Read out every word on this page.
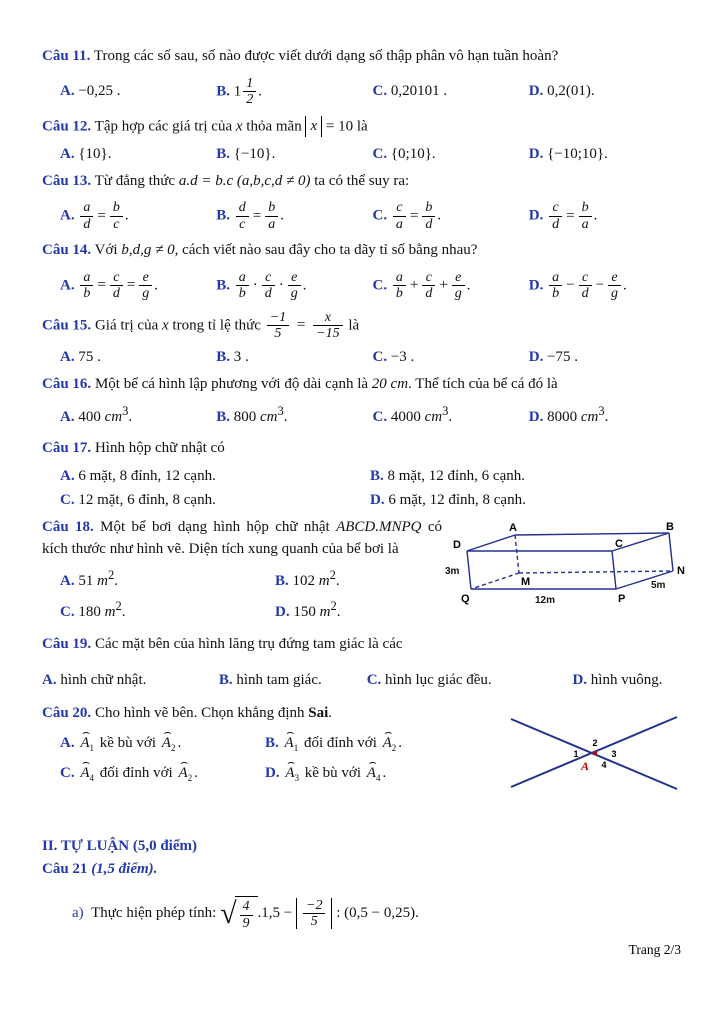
Câu 11. Trong các số sau, số nào được viết dưới dạng số thập phân vô hạn tuần hoàn?

A. −0,25 .	B. $1 \frac{1}{2}$ .	C. 0,20101 .	D. 0,2(01).

Câu 12. Tập hợp các giá trị của x thỏa mãn x = 10 là

A. {10}.	B. {−10}.	C. {0;10}.	D. {−10;10}.

Câu 13. Từ đẳng thức a.d = b.c (a,b,c,d ≠ 0) ta có thể suy ra:

A. $\frac{a}{d} = \frac{b}{c}$ .	B. $\frac{d}{c} = \frac{b}{a}$ .	C. $\frac{c}{a} = \frac{b}{d}$ .	D. $\frac{c}{d} = \frac{b}{a}$ .

Câu 14. Với b,d,g ≠ 0, cách viết nào sau đây cho ta dãy tỉ số bằng nhau?

A. $\frac{a}{b} = \frac{c}{d} = \frac{e}{g}$ .	B. $\frac{a}{b} \cdot \frac{c}{d} \cdot \frac{e}{g}$ .	C. $\frac{a}{b} + \frac{c}{d} + \frac{e}{g}$ .	D. $\frac{a}{b} - \frac{c}{d} - \frac{e}{g}$ .

Câu 15. Giá trị của x trong tỉ lệ thức $\frac{-1}{5} = \frac{x}{-15}$ là

A. 75 .	B. 3 .	C. −3 .	D. −75 .

Câu 16. Một bể cá hình lập phương với độ dài cạnh là 20 cm. Thể tích của bể cá đó là

A. 400 $cm^3$.	B. 800 $cm^3$.	C. 4000 $cm^3$.	D. 8000 $cm^3$.

Câu 17. Hình hộp chữ nhật có

A. 6 mặt, 8 đỉnh, 12 cạnh.	B. 8 mặt, 12 đỉnh, 6 cạnh.
C. 12 mặt, 6 đỉnh, 8 cạnh.	D. 6 mặt, 12 đỉnh, 8 cạnh.

Câu 18. Một bể bơi dạng hình hộp chữ nhật ABCD.MNPQ có kích thước như hình vẽ. Diện tích xung quanh của bể bơi là

A. 51 $m^2$.	B. 102 $m^2$.
C. 180 $m^2$.	D. 150 $m^2$.
A	B
C
D
M
N
P
Q
3m
12m
5m

Câu 19. Các mặt bên của hình lăng trụ đứng tam giác là các

A. hình chữ nhật.	B. hình tam giác.	C. hình lục giác đều.	D. hình vuông.

Câu 20. Cho hình vẽ bên. Chọn khẳng định Sai.

A. ⌢ $A_1$ kề bù với ⌢ $A_2$ .	B. ⌢ $A_1$ đối đỉnh với ⌢ $A_2$ .
C. ⌢ $A_4$ đối đỉnh với ⌢ $A_2$ .	D. ⌢ $A_3$ kề bù với ⌢ $A_4$ .
2
1	3
4
A

II. TỰ LUẬN (5,0 điểm)

Câu 21 (1,5 điểm).

a) Thực hiện phép tính: √ $\frac{4}{9} .1,5 - \frac{-2}{5}$ : (0,5 − 0,25).

Trang 2/3
